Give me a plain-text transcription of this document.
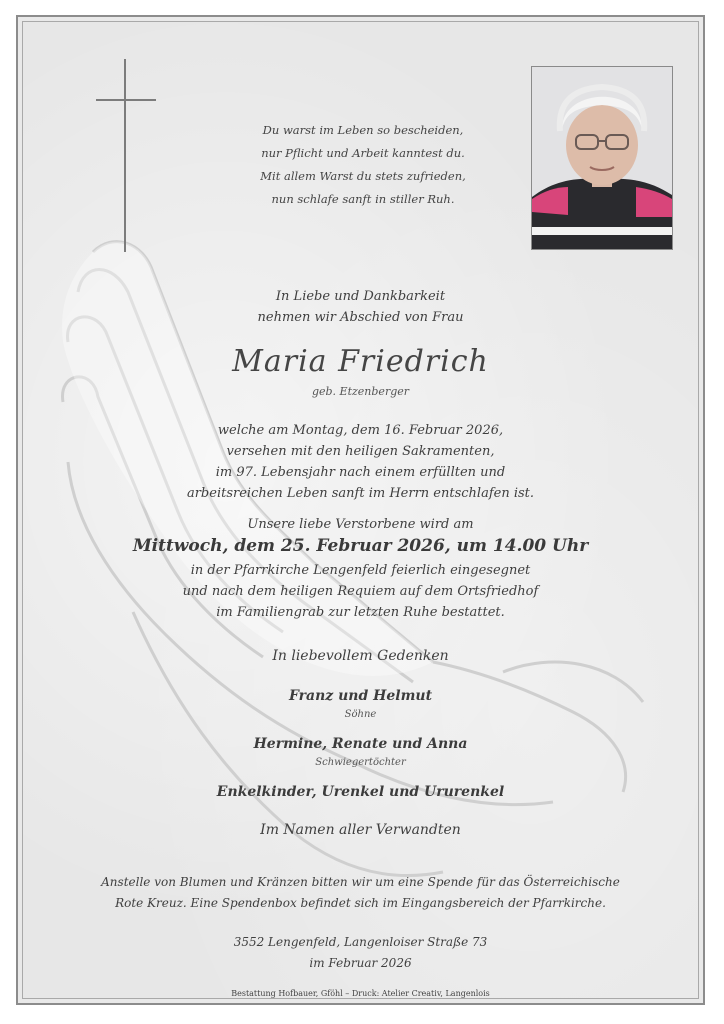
Du warst im Leben so bescheiden,
nur Pflicht und Arbeit kanntest du.
Mit allem Warst du stets zufrieden,
nun schlafe sanft in stiller Ruh.
In Liebe und Dankbarkeit
nehmen wir Abschied von Frau
Maria Friedrich
geb. Etzenberger
welche am Montag, dem 16. Februar 2026,
versehen mit den heiligen Sakramenten,
im 97. Lebensjahr nach einem erfüllten und
arbeitsreichen Leben sanft im Herrn entschlafen ist.
Unsere liebe Verstorbene wird am
Mittwoch, dem 25. Februar 2026, um 14.00 Uhr
in der Pfarrkirche Lengenfeld feierlich eingesegnet
und nach dem heiligen Requiem auf dem Ortsfriedhof
im Familiengrab zur letzten Ruhe bestattet.
In liebevollem Gedenken
Franz und Helmut
Söhne
Hermine, Renate und Anna
Schwiegertöchter
Enkelkinder, Urenkel und Ururenkel
Im Namen aller Verwandten
Anstelle von Blumen und Kränzen bitten wir um eine Spende für das Österreichische
Rote Kreuz. Eine Spendenbox befindet sich im Eingangsbereich der Pfarrkirche.
3552 Lengenfeld, Langenloiser Straße 73
im Februar 2026
Bestattung Hofbauer, Gföhl – Druck: Atelier Creativ, Langenlois
